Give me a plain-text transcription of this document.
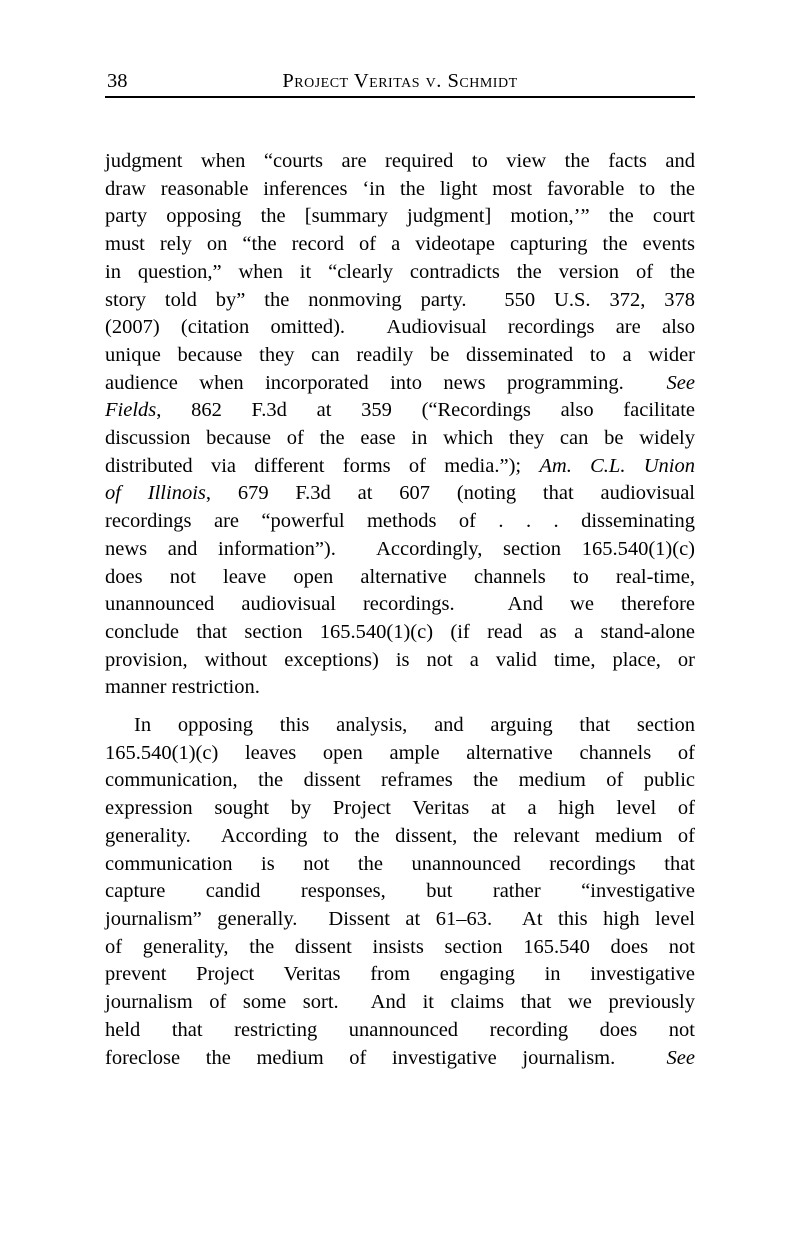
38	Project Veritas v. Schmidt
judgment when “courts are required to view the facts and
draw reasonable inferences ‘in the light most favorable to the
party opposing the [summary judgment] motion,’” the court
must rely on “the record of a videotape capturing the events
in question,” when it “clearly contradicts the version of the
story told by” the nonmoving party.  550 U.S. 372, 378
(2007) (citation omitted).  Audiovisual recordings are also
unique because they can readily be disseminated to a wider
audience when incorporated into news programming.  See
Fields, 862 F.3d at 359 (“Recordings also facilitate
discussion because of the ease in which they can be widely
distributed via different forms of media.”); Am. C.L. Union
of Illinois, 679 F.3d at 607 (noting that audiovisual
recordings are “powerful methods of . . . disseminating
news and information”).  Accordingly, section 165.540(1)(c)
does not leave open alternative channels to real-time,
unannounced audiovisual recordings.  And we therefore
conclude that section 165.540(1)(c) (if read as a stand-alone
provision, without exceptions) is not a valid time, place, or
manner restriction.
In opposing this analysis, and arguing that section
165.540(1)(c) leaves open ample alternative channels of
communication, the dissent reframes the medium of public
expression sought by Project Veritas at a high level of
generality.  According to the dissent, the relevant medium of
communication is not the unannounced recordings that
capture candid responses, but rather “investigative
journalism” generally.  Dissent at 61–63.  At this high level
of generality, the dissent insists section 165.540 does not
prevent Project Veritas from engaging in investigative
journalism of some sort.  And it claims that we previously
held that restricting unannounced recording does not
foreclose the medium of investigative journalism.  See
